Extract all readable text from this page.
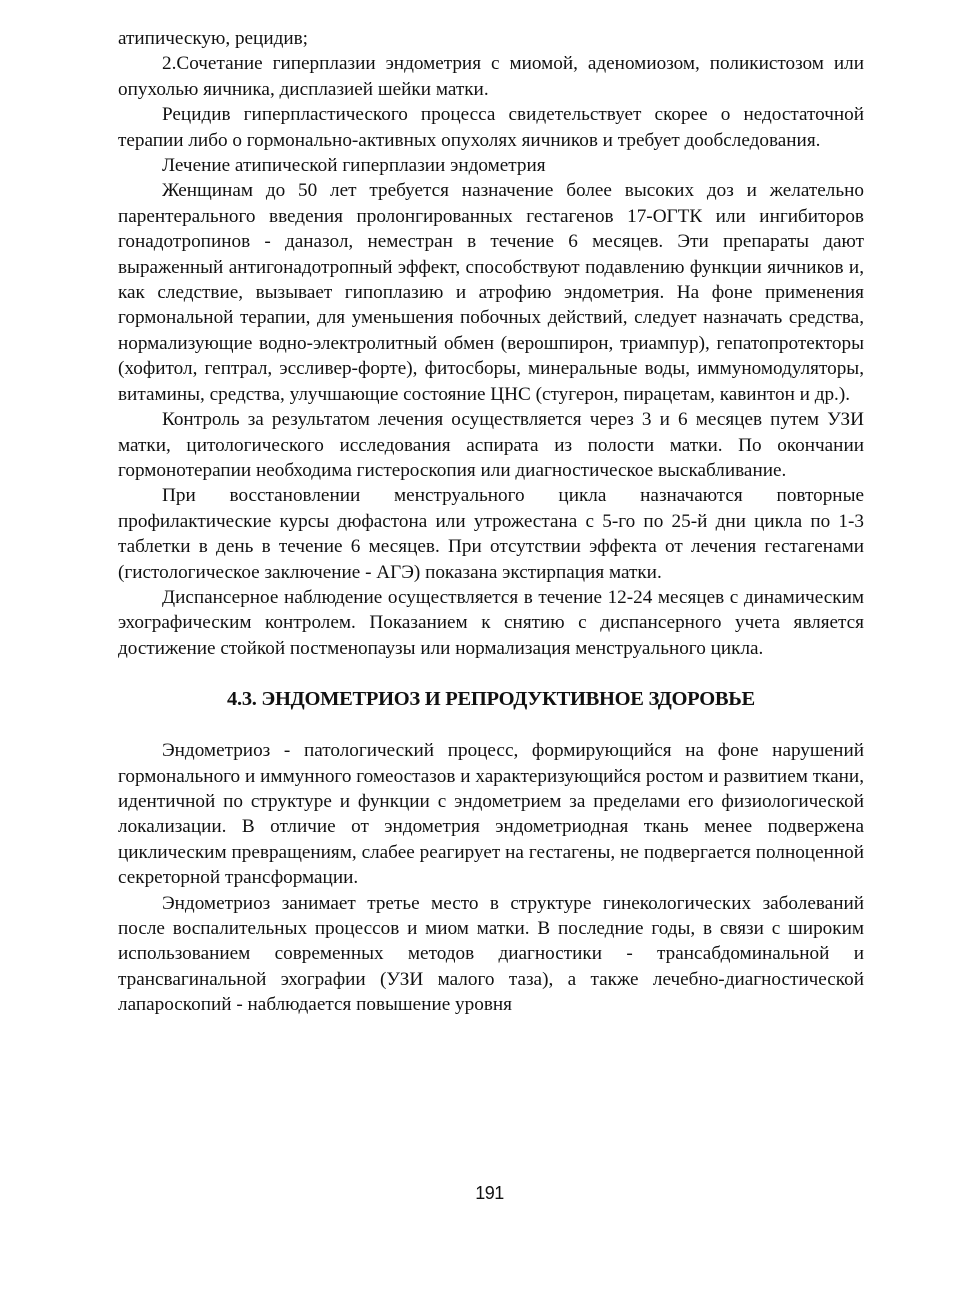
атипическую, рецидив;

2.Сочетание гиперплазии эндометрия с миомой, аденомиозом, поликистозом или опухолью яичника, дисплазией шейки матки.

Рецидив гиперпластического процесса свидетельствует скорее о недостаточной терапии либо о гормонально-активных опухолях яичников и требует дообследования.

Лечение атипической гиперплазии эндометрия

Женщинам до 50 лет требуется назначение более высоких доз и желательно парентерального введения пролонгированных гестагенов 17-ОГТК или ингибиторов гонадотропинов - даназол, неместран в течение 6 месяцев. Эти препараты дают выраженный антигонадотропный эффект, способствуют подавлению функции яичников и, как следствие, вызывает гипоплазию и атрофию эндометрия. На фоне применения гормональной терапии, для уменьшения побочных действий, следует назначать средства, нормализующие водно-электролитный обмен (верошпирон, триампур), гепатопротекторы (хофитол, гептрал, эссливер-форте), фитосборы, минеральные воды, иммуномодуляторы, витамины, средства, улучшающие состояние ЦНС (стугерон, пирацетам, кавинтон и др.).

Контроль за результатом лечения осуществляется через 3 и 6 месяцев путем УЗИ матки, цитологического исследования аспирата из полости матки. По окончании гормонотерапии необходима гистероскопия или диагностическое выскабливание.

При восстановлении менструального цикла назначаются повторные профилактические курсы дюфастона или утрожестана с 5-го по 25-й дни цикла по 1-3 таблетки в день в течение 6 месяцев. При отсутствии эффекта от лечения гестагенами (гистологическое заключение - АГЭ) показана экстирпация матки.

Диспансерное наблюдение осуществляется в течение 12-24 месяцев с динамическим эхографическим контролем. Показанием к снятию с диспансерного учета является достижение стойкой постменопаузы или нормализация менструального цикла.

4.3. ЭНДОМЕТРИОЗ И РЕПРОДУКТИВНОЕ ЗДОРОВЬЕ

Эндометриоз - патологический процесс, формирующийся на фоне нарушений гормонального и иммунного гомеостазов и характеризующийся ростом и развитием ткани, идентичной по структуре и функции с эндометрием за пределами его физиологической локализации. В отличие от эндометрия эндометриодная ткань менее подвержена циклическим превращениям, слабее реагирует на гестагены, не подвергается полноценной секреторной трансформации.

Эндометриоз занимает третье место в структуре гинекологических заболеваний после воспалительных процессов и миом матки. В последние годы, в связи с широким использованием современных методов диагностики - трансабдоминальной и трансвагинальной эхографии (УЗИ малого таза), а также лечебно-диагностической лапароскопий - наблюдается повышение уровня

191
